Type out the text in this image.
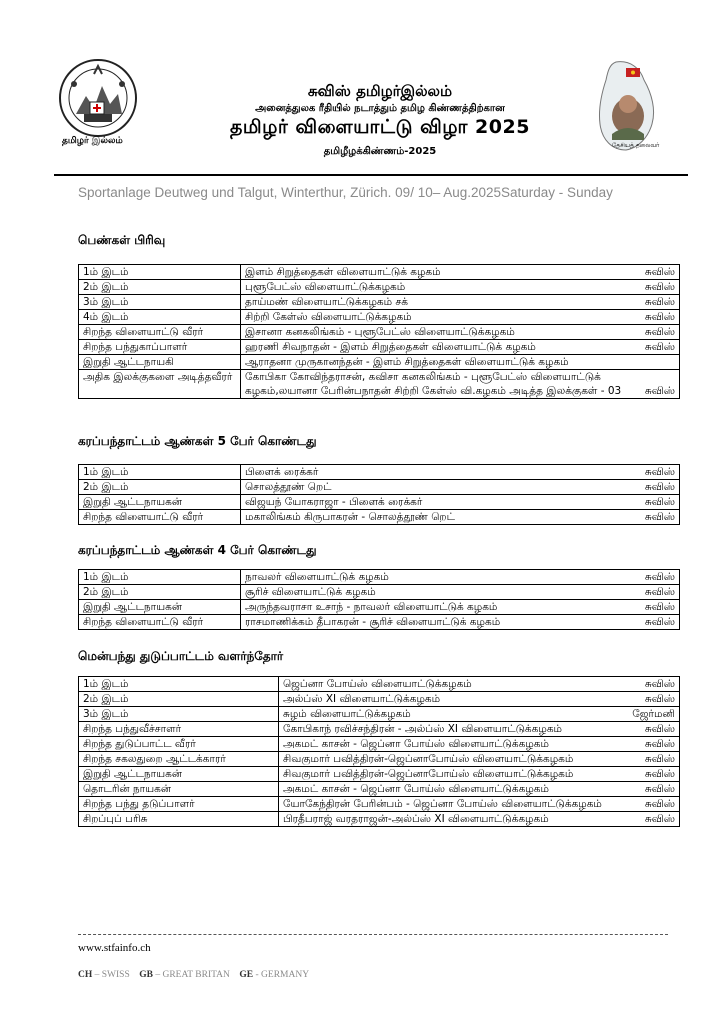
தமிழர் இல்லம்
சுவிஸ் தமிழர்இல்லம்
அனைத்துலக ரீதியில் நடாத்தும் தமிழ கிண்ணத்திற்கான
தமிழர் விளையாட்டு விழா 2025
தமிழீழக்கிண்ணம்-2025
தேசியத் தலைவர்
Sportanlage Deutweg und Talgut, Winterthur, Zürich. 09/ 10– Aug.2025Saturday - Sunday
பெண்கள் பிரிவு
1ம் இடம்	இளம் சிறுத்தைகள் விளையாட்டுக் கழகம் சுவிஸ்

2ம் இடம்	புளூபேட்ஸ் விளையாட்டுக்கழகம் சுவிஸ்

3ம் இடம்	தாய்மண் விளையாட்டுக்கழகம் சக் சுவிஸ்

4ம் இடம்	சிற்றி கேள்ஸ் விளையாட்டுக்கழகம் சுவிஸ்

சிறந்த விளையாட்டு வீரர்	இசானா கனகலிங்கம் - புளூபேட்ஸ் விளையாட்டுக்கழகம் சுவிஸ்

சிறந்த பந்துகாப்பாளர்	ஹரணி சிவநாதன் - இளம் சிறுத்தைகள் விளையாட்டுக் கழகம் சுவிஸ்

இறுதி ஆட்டநாயகி	ஆராதனா முருகானந்தன் - இளம் சிறுத்தைகள் விளையாட்டுக் கழகம்

அதிக இலக்குகளை அடித்தவீரர்	கோபிகா கோவிந்தராசன், கவிசா கனகலிங்கம் - புளூபேட்ஸ் விளையாட்டுக் கழகம்,லயானா பேரின்பநாதன் சிற்றி கேள்ஸ் வி.கழகம் அடித்த இலக்குகள் - 03 சுவிஸ்
கரப்பந்தாட்டம் ஆண்கள் 5 பேர் கொண்டது
1ம் இடம்	பிளைக் ரைக்கர் சுவிஸ்

2ம் இடம்	சொலத்தூண் றெட் சுவிஸ்

இறுதி ஆட்டநாயகன்	விஜயந் யோகராஜா - பிளைக் ரைக்கர் சுவிஸ்

சிறந்த விளையாட்டு வீரர்	மகாலிங்கம் கிருபாகரன் - சொலத்தூண் றெட் சுவிஸ்
கரப்பந்தாட்டம் ஆண்கள் 4 பேர் கொண்டது
1ம் இடம்	நாவலர் விளையாட்டுக் கழகம் சுவிஸ்

2ம் இடம்	சூரிச் விளையாட்டுக் கழகம் சுவிஸ்

இறுதி ஆட்டநாயகன்	அருந்தவராசா உசாந் - நாவலர் விளையாட்டுக் கழகம் சுவிஸ்

சிறந்த விளையாட்டு வீரர்	ராசமாணிக்கம் தீபாகரன் - சூரிச் விளையாட்டுக் கழகம் சுவிஸ்
மென்பந்து துடுப்பாட்டம் வளர்ந்தோர்
1ம் இடம்	ஜெப்னா போய்ஸ் விளையாட்டுக்கழகம் சுவிஸ்

2ம் இடம்	அல்ப்ஸ் XI விளையாட்டுக்கழகம் சுவிஸ்

3ம் இடம்	சுழம் விளையாட்டுக்கழகம் ஜேர்மனி

சிறந்த பந்துவீச்சாளர்	கோபிகாந் ரவிச்சந்திரன் - அல்ப்ஸ் XI விளையாட்டுக்கழகம் சுவிஸ்

சிறந்த துடுப்பாட்ட வீரர்	அகமட் காசன் - ஜெப்னா போய்ஸ் விளையாட்டுக்கழகம் சுவிஸ்

சிறந்த சகலதுறை ஆட்டக்காரர்	சிவகுமார் பவித்திரன்-ஜெப்னாபோய்ஸ் விளையாட்டுக்கழகம் சுவிஸ்

இறுதி ஆட்டநாயகன்	சிவகுமார் பவித்திரன்-ஜெப்னாபோய்ஸ் விளையாட்டுக்கழகம் சுவிஸ்

தொடரின் நாயகன்	அகமட் காசன் - ஜெப்னா போய்ஸ் விளையாட்டுக்கழகம் சுவிஸ்

சிறந்த பந்து தடுப்பாளர்	யோகேந்திரன் பேரின்பம் - ஜெப்னா போய்ஸ் விளையாட்டுக்கழகம் சுவிஸ்

சிறப்புப் பரிசு	பிரதீபராஜ் வரதராஜன்-அல்ப்ஸ் XI விளையாட்டுக்கழகம் சுவிஸ்
www.stfainfo.ch
CH – SWISS GB – GREAT BRITAN GE - GERMANY
